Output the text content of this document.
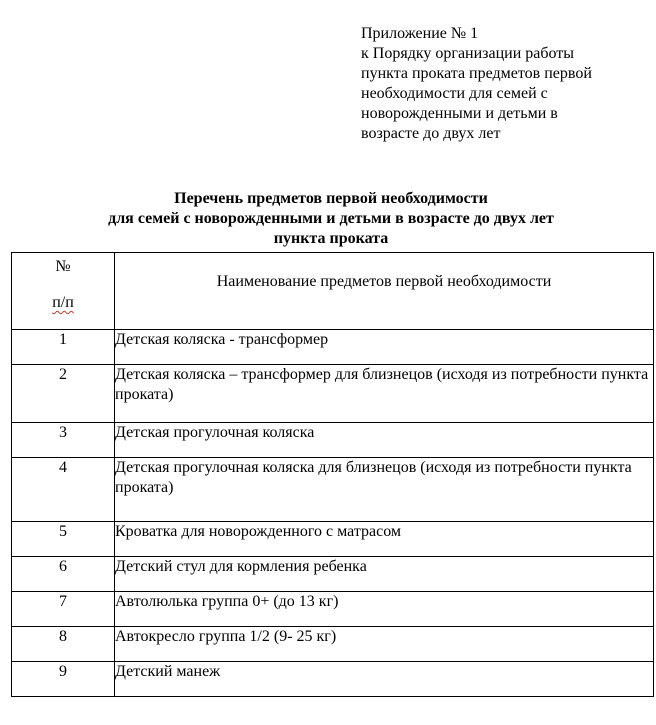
Приложение № 1
к Порядку организации работы
пункта проката предметов первой
необходимости для семей с
новорожденными и детьми в
возрасте до двух лет
Перечень предметов первой необходимости
для семей с новорожденными и детьми в возрасте до двух лет
пункта проката
№
п/п	Наименование предметов первой необходимости

1	Детская коляска - трансформер
2	Детская коляска – трансформер для близнецов (исходя из потребности пункта проката)
3	Детская прогулочная коляска
4	Детская прогулочная коляска для близнецов (исходя из потребности пункта проката)
5	Кроватка для новорожденного с матрасом
6	Детский стул для кормления ребенка
7	Автолюлька группа 0+ (до 13 кг)
8	Автокресло группа 1/2 (9- 25 кг)
9	Детский манеж
